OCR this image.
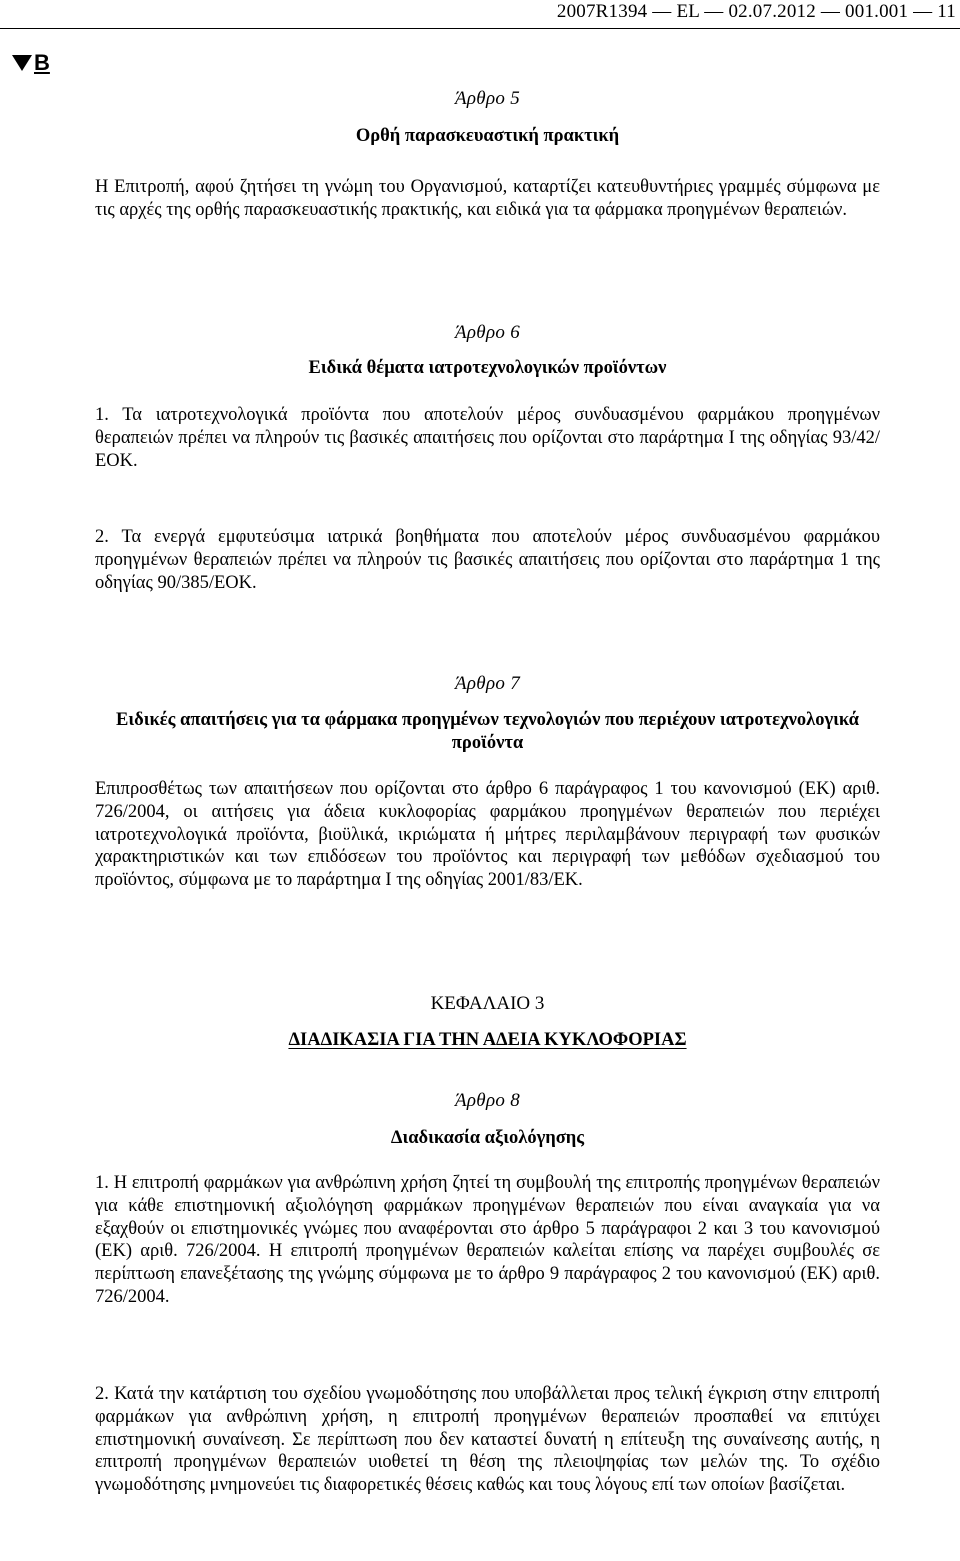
2007R1394 — EL — 02.07.2012 — 001.001 — 11
B
Άρθρο 5
Ορθή παρασκευαστική πρακτική
Η Επιτροπή, αφού ζητήσει τη γνώμη του Οργανισμού, καταρτίζει κατευθυντήριες γραμμές σύμφωνα με τις αρχές της ορθής παρασκευαστικής πρακτικής, και ειδικά για τα φάρμακα προηγμένων θεραπειών.
Άρθρο 6
Ειδικά θέματα ιατροτεχνολογικών προϊόντων
1. Τα ιατροτεχνολογικά προϊόντα που αποτελούν μέρος συνδυασμένου φαρμάκου προηγμένων θεραπειών πρέπει να πληρούν τις βασικές απαιτήσεις που ορίζονται στο παράρτημα I της οδηγίας 93/42/ΕΟΚ.
2. Τα ενεργά εμφυτεύσιμα ιατρικά βοηθήματα που αποτελούν μέρος συνδυασμένου φαρμάκου προηγμένων θεραπειών πρέπει να πληρούν τις βασικές απαιτήσεις που ορίζονται στο παράρτημα 1 της οδηγίας 90/385/ΕΟΚ.
Άρθρο 7
Ειδικές απαιτήσεις για τα φάρμακα προηγμένων τεχνολογιών που περιέχουν ιατροτεχνολογικά προϊόντα
Επιπροσθέτως των απαιτήσεων που ορίζονται στο άρθρο 6 παράγραφος 1 του κανονισμού (ΕΚ) αριθ. 726/2004, οι αιτήσεις για άδεια κυκλοφορίας φαρμάκου προηγμένων θεραπειών που περιέχει ιατροτεχνολογικά προϊόντα, βιοϋλικά, ικριώματα ή μήτρες περιλαμβάνουν περιγραφή των φυσικών χαρακτηριστικών και των επιδόσεων του προϊόντος και περιγραφή των μεθόδων σχεδιασμού του προϊόντος, σύμφωνα με το παράρτημα I της οδηγίας 2001/83/ΕΚ.
ΚΕΦΑΛΑΙΟ 3
ΔΙΑΔΙΚΑΣΙΑ ΓΙΑ ΤΗΝ ΑΔΕΙΑ ΚΥΚΛΟΦΟΡΙΑΣ
Άρθρο 8
Διαδικασία αξιολόγησης
1. Η επιτροπή φαρμάκων για ανθρώπινη χρήση ζητεί τη συμβουλή της επιτροπής προηγμένων θεραπειών για κάθε επιστημονική αξιολόγηση φαρμάκων προηγμένων θεραπειών που είναι αναγκαία για να εξαχθούν οι επιστημονικές γνώμες που αναφέρονται στο άρθρο 5 παράγραφοι 2 και 3 του κανονισμού (ΕΚ) αριθ. 726/2004. Η επιτροπή προηγμένων θεραπειών καλείται επίσης να παρέχει συμβουλές σε περίπτωση επανεξέτασης της γνώμης σύμφωνα με το άρθρο 9 παράγραφος 2 του κανονισμού (ΕΚ) αριθ. 726/2004.
2. Κατά την κατάρτιση του σχεδίου γνωμοδότησης που υποβάλλεται προς τελική έγκριση στην επιτροπή φαρμάκων για ανθρώπινη χρήση, η επιτροπή προηγμένων θεραπειών προσπαθεί να επιτύχει επιστημονική συναίνεση. Σε περίπτωση που δεν καταστεί δυνατή η επίτευξη της συναίνεσης αυτής, η επιτροπή προηγμένων θεραπειών υιοθετεί τη θέση της πλειοψηφίας των μελών της. Το σχέδιο γνωμοδότησης μνημονεύει τις διαφορετικές θέσεις καθώς και τους λόγους επί των οποίων βασίζεται.
